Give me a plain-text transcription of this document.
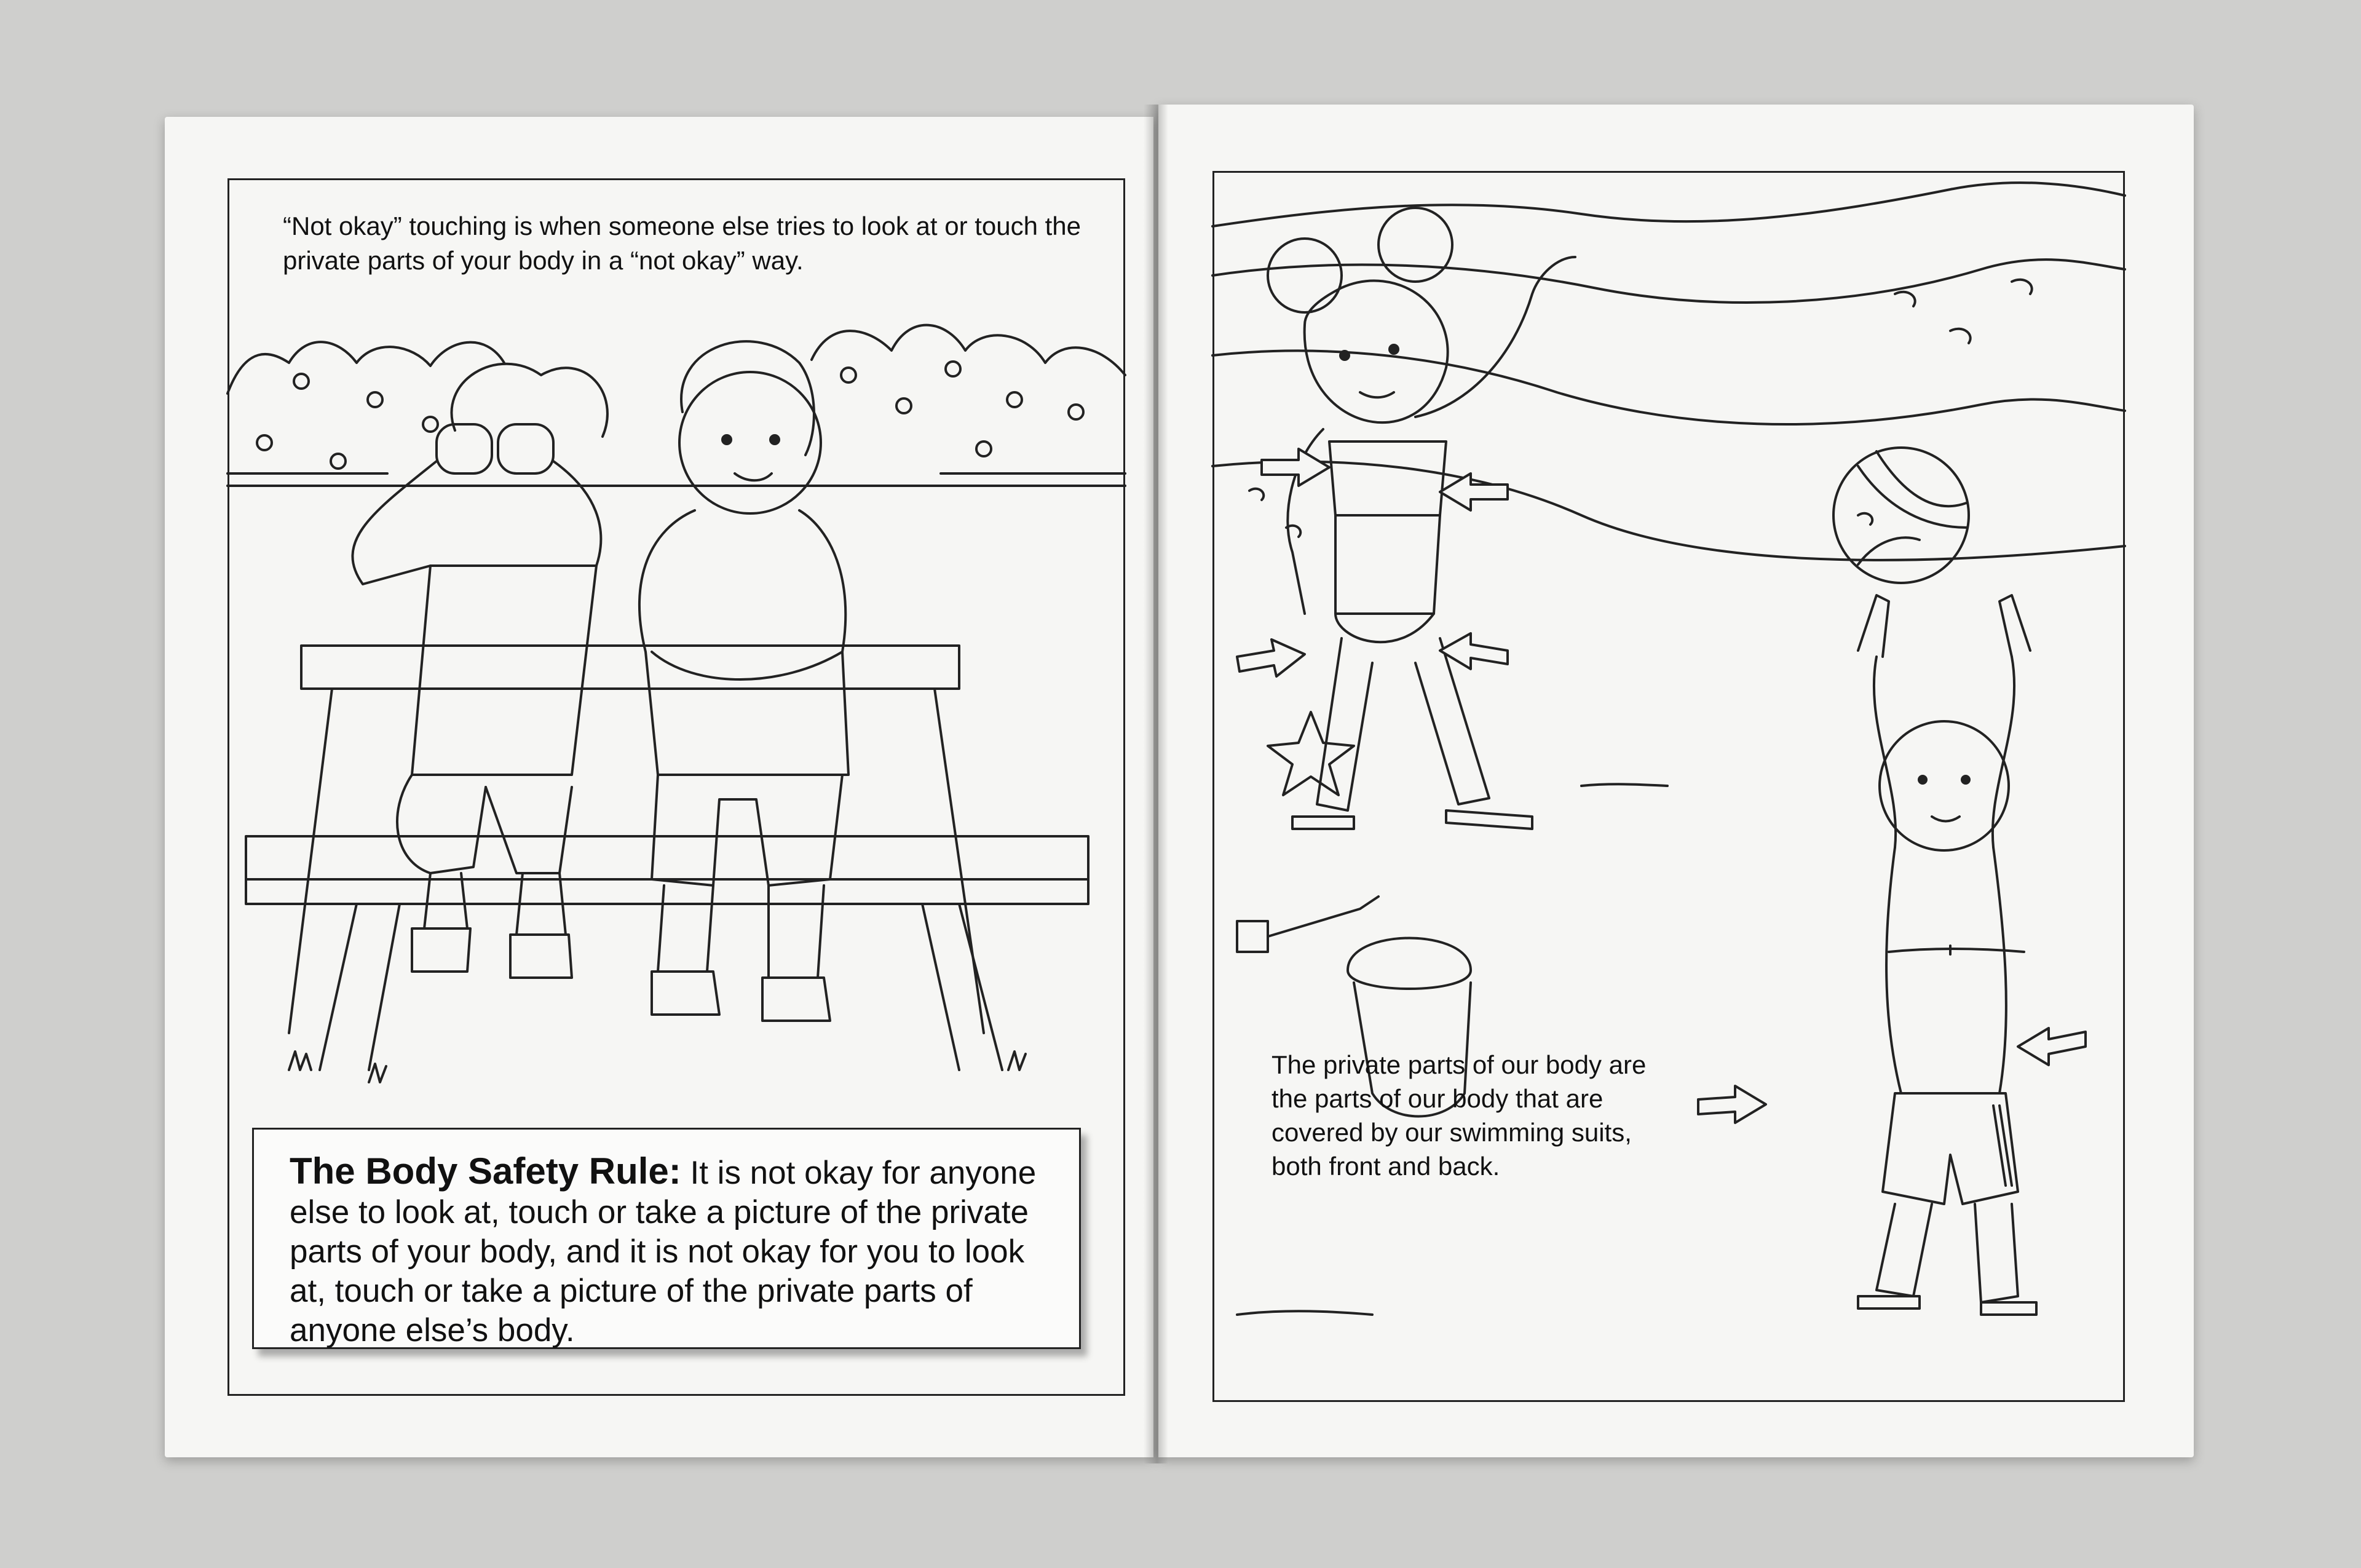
“Not okay” touching is when someone else tries to look at or touch the private parts of your body in a “not okay” way.
The Body Safety Rule: It is not okay for anyone else to look at, touch or take a picture of the private parts of your body, and it is not okay for you to look at, touch or take a picture of the private parts of anyone else’s body.
The private parts of our body are the parts of our body that are covered by our swimming suits, both front and back.
